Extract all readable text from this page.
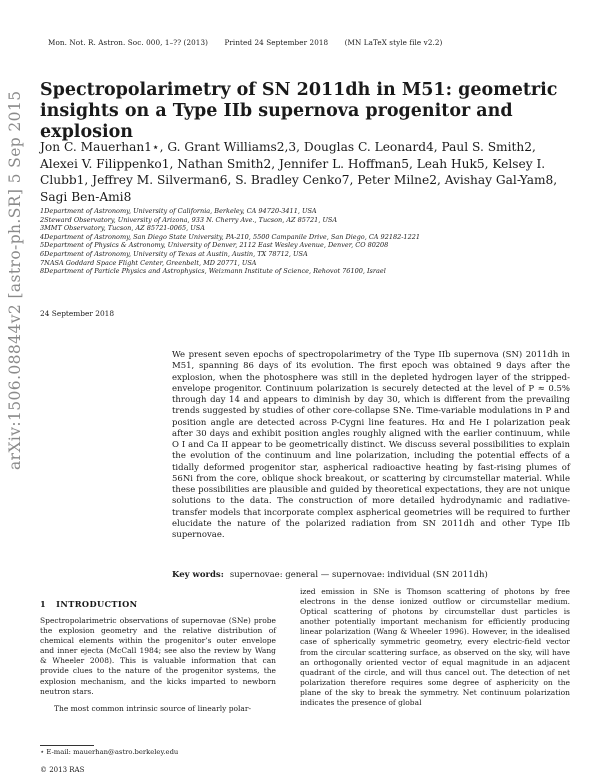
arXiv:1506.08844v2 [astro-ph.SR] 5 Sep 2015
Mon. Not. R. Astron. Soc. 000, 1–?? (2013) Printed 24 September 2018 (MN LaTeX style file v2.2)
Spectropolarimetry of SN 2011dh in M51: geometric insights on a Type IIb supernova progenitor and explosion
Jon C. Mauerhan1⋆, G. Grant Williams2,3, Douglas C. Leonard4, Paul S. Smith2, Alexei V. Filippenko1, Nathan Smith2, Jennifer L. Hoffman5, Leah Huk5, Kelsey I. Clubb1, Jeffrey M. Silverman6, S. Bradley Cenko7, Peter Milne2, Avishay Gal-Yam8, Sagi Ben-Ami8
1Department of Astronomy, University of California, Berkeley, CA 94720-3411, USA
2Steward Observatory, University of Arizona, 933 N. Cherry Ave., Tucson, AZ 85721, USA
3MMT Observatory, Tucson, AZ 85721-0065, USA
4Department of Astronomy, San Diego State University, PA-210, 5500 Campanile Drive, San Diego, CA 92182-1221
5Department of Physics & Astronomy, University of Denver, 2112 East Wesley Avenue, Denver, CO 80208
6Department of Astronomy, University of Texas at Austin, Austin, TX 78712, USA
7NASA Goddard Space Flight Center, Greenbelt, MD 20771, USA
8Department of Particle Physics and Astrophysics, Weizmann Institute of Science, Rehovot 76100, Israel
24 September 2018

We present seven epochs of spectropolarimetry of the Type IIb supernova (SN) 2011dh in M51, spanning 86 days of its evolution. The first epoch was obtained 9 days after the explosion, when the photosphere was still in the depleted hydrogen layer of the stripped-envelope progenitor. Continuum polarization is securely detected at the level of P ≈ 0.5% through day 14 and appears to diminish by day 30, which is different from the prevailing trends suggested by studies of other core-collapse SNe. Time-variable modulations in P and position angle are detected across P-Cygni line features. Hα and He I polarization peak after 30 days and exhibit position angles roughly aligned with the earlier continuum, while O I and Ca II appear to be geometrically distinct. We discuss several possibilities to explain the evolution of the continuum and line polarization, including the potential effects of a tidally deformed progenitor star, aspherical radioactive heating by fast-rising plumes of 56Ni from the core, oblique shock breakout, or scattering by circumstellar material. While these possibilities are plausible and guided by theoretical expectations, they are not unique solutions to the data. The construction of more detailed hydrodynamic and radiative-transfer models that incorporate complex aspherical geometries will be required to further elucidate the nature of the polarized radiation from SN 2011dh and other Type IIb supernovae.

Key words: supernovae: general — supernovae: individual (SN 2011dh)
1 INTRODUCTION

Spectropolarimetric observations of supernovae (SNe) probe the explosion geometry and the relative distribution of chemical elements within the progenitor’s outer envelope and inner ejecta (McCall 1984; see also the review by Wang & Wheeler 2008). This is valuable information that can provide clues to the nature of the progenitor systems, the explosion mechanism, and the kicks imparted to newborn neutron stars.

The most common intrinsic source of linearly polar-

ized emission in SNe is Thomson scattering of photons by free electrons in the dense ionized outflow or circumstellar medium. Optical scattering of photons by circumstellar dust particles is another potentially important mechanism for efficiently producing linear polarization (Wang & Wheeler 1996). However, in the idealised case of spherically symmetric geometry, every electric-field vector from the circular scattering surface, as observed on the sky, will have an orthogonally oriented vector of equal magnitude in an adjacent quadrant of the circle, and will thus cancel out. The detection of net polarization therefore requires some degree of asphericity on the plane of the sky to break the symmetry. Net continuum polarization indicates the presence of global
⋆ E-mail: mauerhan@astro.berkeley.edu
© 2013 RAS
